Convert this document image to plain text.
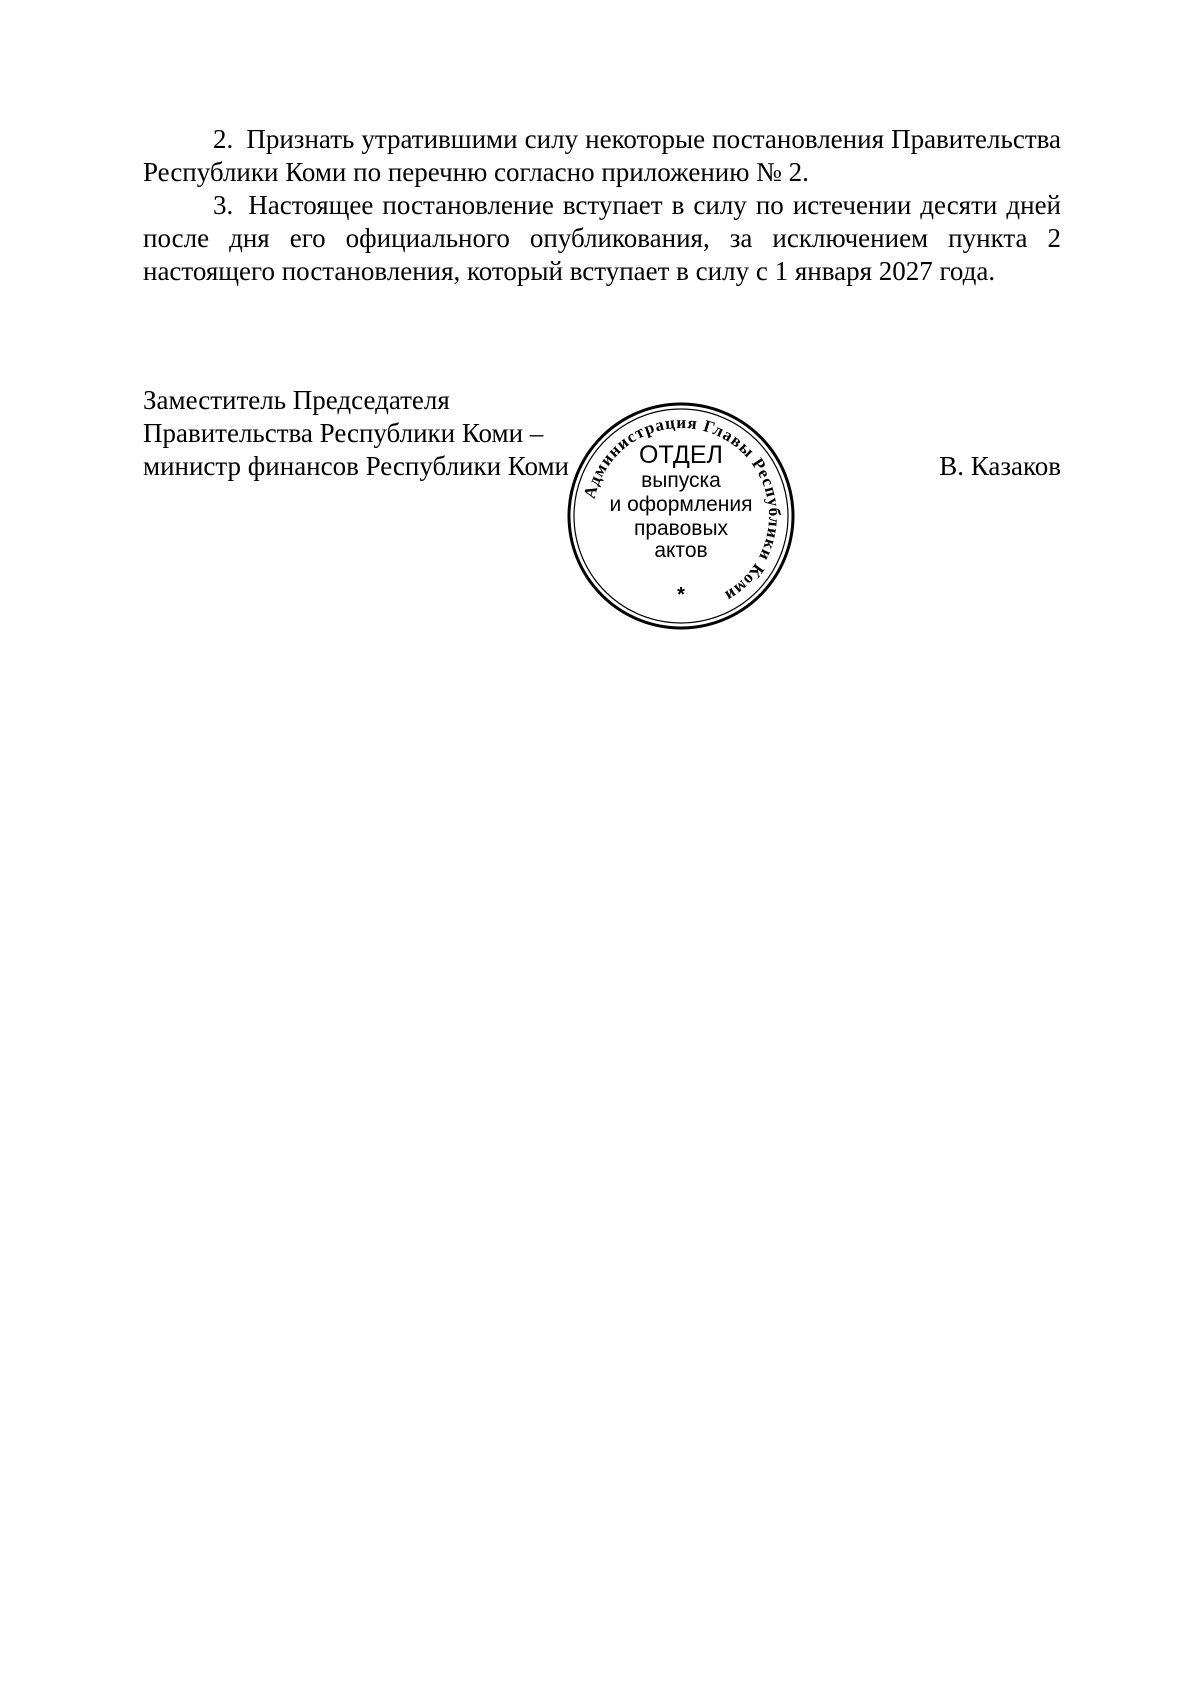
2. Признать утратившими силу некоторые постановления Правительства Республики Коми по перечню согласно приложению № 2.

3. Настоящее постановление вступает в силу по истечении десяти дней после дня его официального опубликования, за исключением пункта 2 настоящего постановления, который вступает в силу с 1 января 2027 года.

Заместитель Председателя
Правительства Республики Коми –
министр финансов Республики Коми	В. Казаков
Администрация Главы Республики Коми
ОТДЕЛ
выпуска
и оформления
правовых
актов
*
